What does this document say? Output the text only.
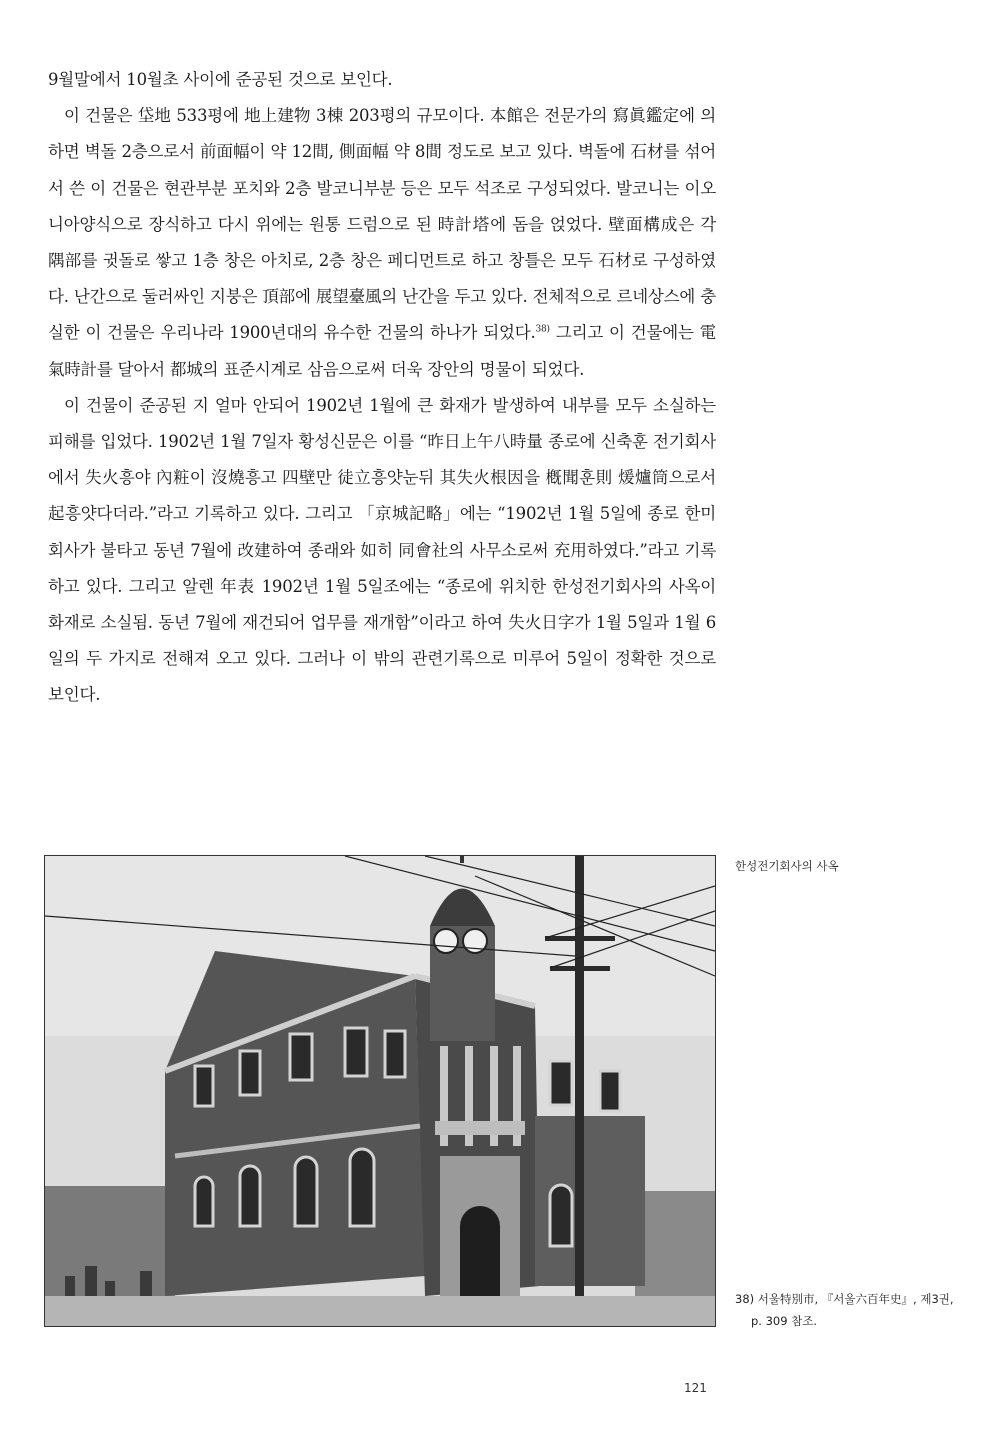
9월말에서 10월초 사이에 준공된 것으로 보인다.

이 건물은 垈地 533평에 地上建物 3棟 203평의 규모이다. 本館은 전문가의 寫眞鑑定에 의하면 벽돌 2층으로서 前面幅이 약 12間, 側面幅 약 8間 정도로 보고 있다. 벽돌에 石材를 섞어서 쓴 이 건물은 현관부분 포치와 2층 발코니부분 등은 모두 석조로 구성되었다. 발코니는 이오니아양식으로 장식하고 다시 위에는 원통 드럼으로 된 時計塔에 돔을 얹었다. 壁面構成은 각 隅部를 귓돌로 쌓고 1층 창은 아치로, 2층 창은 페디먼트로 하고 창틀은 모두 石材로 구성하였다. 난간으로 둘러싸인 지붕은 頂部에 展望臺風의 난간을 두고 있다. 전체적으로 르네상스에 충실한 이 건물은 우리나라 1900년대의 유수한 건물의 하나가 되었다.$^{38)}$ 그리고 이 건물에는 電氣時計를 달아서 都城의 표준시계로 삼음으로써 더욱 장안의 명물이 되었다.

이 건물이 준공된 지 얼마 안되어 1902년 1월에 큰 화재가 발생하여 내부를 모두 소실하는 피해를 입었다. 1902년 1월 7일자 황성신문은 이를 “昨日上午八時量 종로에 신축훈 전기회사에서 失火흥야 內粧이 沒燒흥고 四壁만 徒立흥얏눈뒤 其失火根因을 槪聞훈則 煖爐筒으로서 起흥얏다더라.”라고 기록하고 있다. 그리고 「京城記略」에는 “1902년 1월 5일에 종로 한미회사가 불타고 동년 7월에 改建하여 종래와 如히 同會社의 사무소로써 充用하였다.”라고 기록하고 있다. 그리고 알렌 年表 1902년 1월 5일조에는 “종로에 위치한 한성전기회사의 사옥이 화재로 소실됨. 동년 7월에 재건되어 업무를 재개함”이라고 하여 失火日字가 1월 5일과 1월 6일의 두 가지로 전해져 오고 있다. 그러나 이 밖의 관련기록으로 미루어 5일이 정확한 것으로 보인다.

한성전기회사의 사옥
38) 서울特別市, 『서울六百年史』, 제3권,
p. 309 참조.
121
